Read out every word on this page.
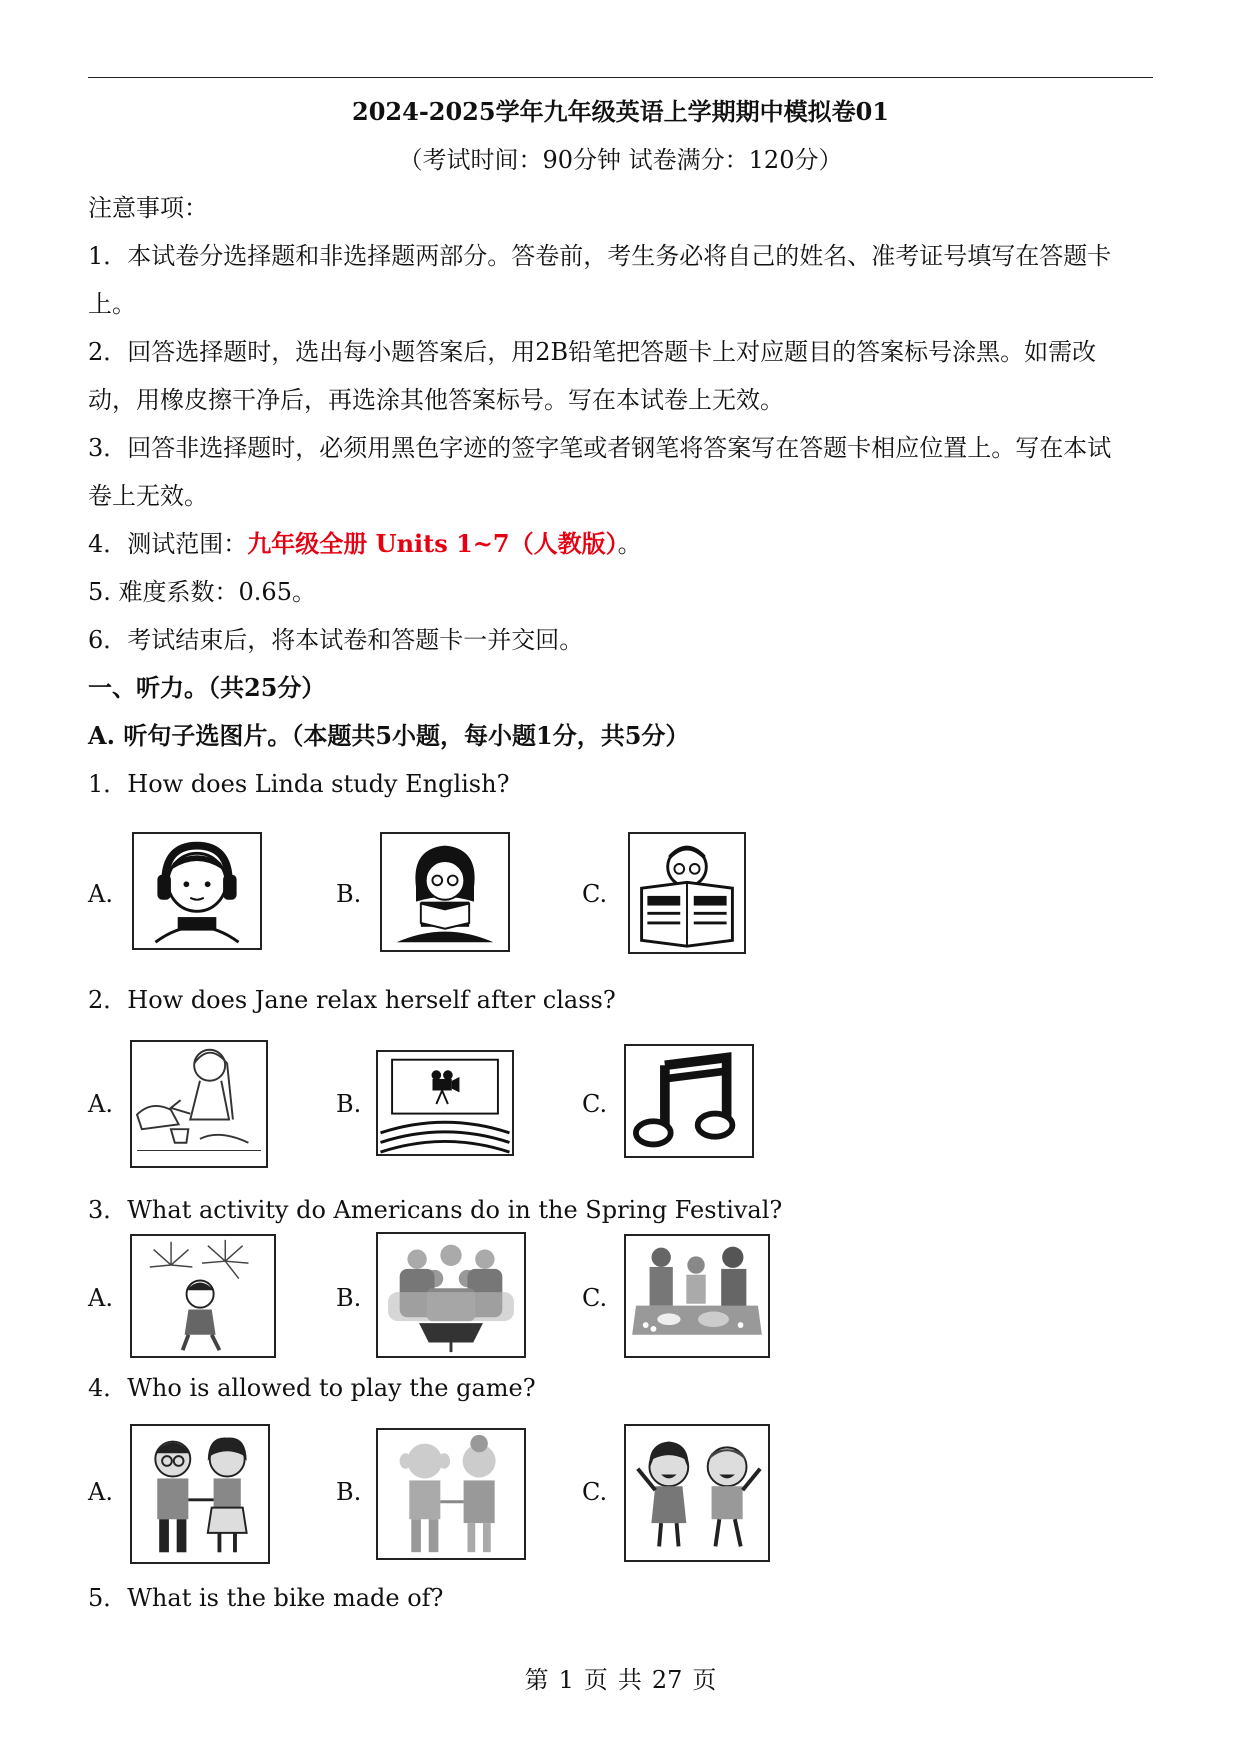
2024-2025学年九年级英语上学期期中模拟卷01
（考试时间：90分钟 试卷满分：120分）
注意事项：
1．本试卷分选择题和非选择题两部分。答卷前，考生务必将自己的姓名、准考证号填写在答题卡
上。
2．回答选择题时，选出每小题答案后，用2B铅笔把答题卡上对应题目的答案标号涂黑。如需改
动，用橡皮擦干净后，再选涂其他答案标号。写在本试卷上无效。
3．回答非选择题时，必须用黑色字迹的签字笔或者钢笔将答案写在答题卡相应位置上。写在本试
卷上无效。
4．测试范围：九年级全册 Units 1~7（人教版）。
5. 难度系数：0.65。
6．考试结束后，将本试卷和答题卡一并交回。
一、听力。（共25分）
A. 听句子选图片。（本题共5小题，每小题1分，共5分）
1．How does Linda study English?
A.	B.	C.
2．How does Jane relax herself after class?
A.	B.	C.
3．What activity do Americans do in the Spring Festival?
A.	B.	C.
4．Who is allowed to play the game?
A.	B.	C.
5．What is the bike made of?
第 1 页 共 27 页
